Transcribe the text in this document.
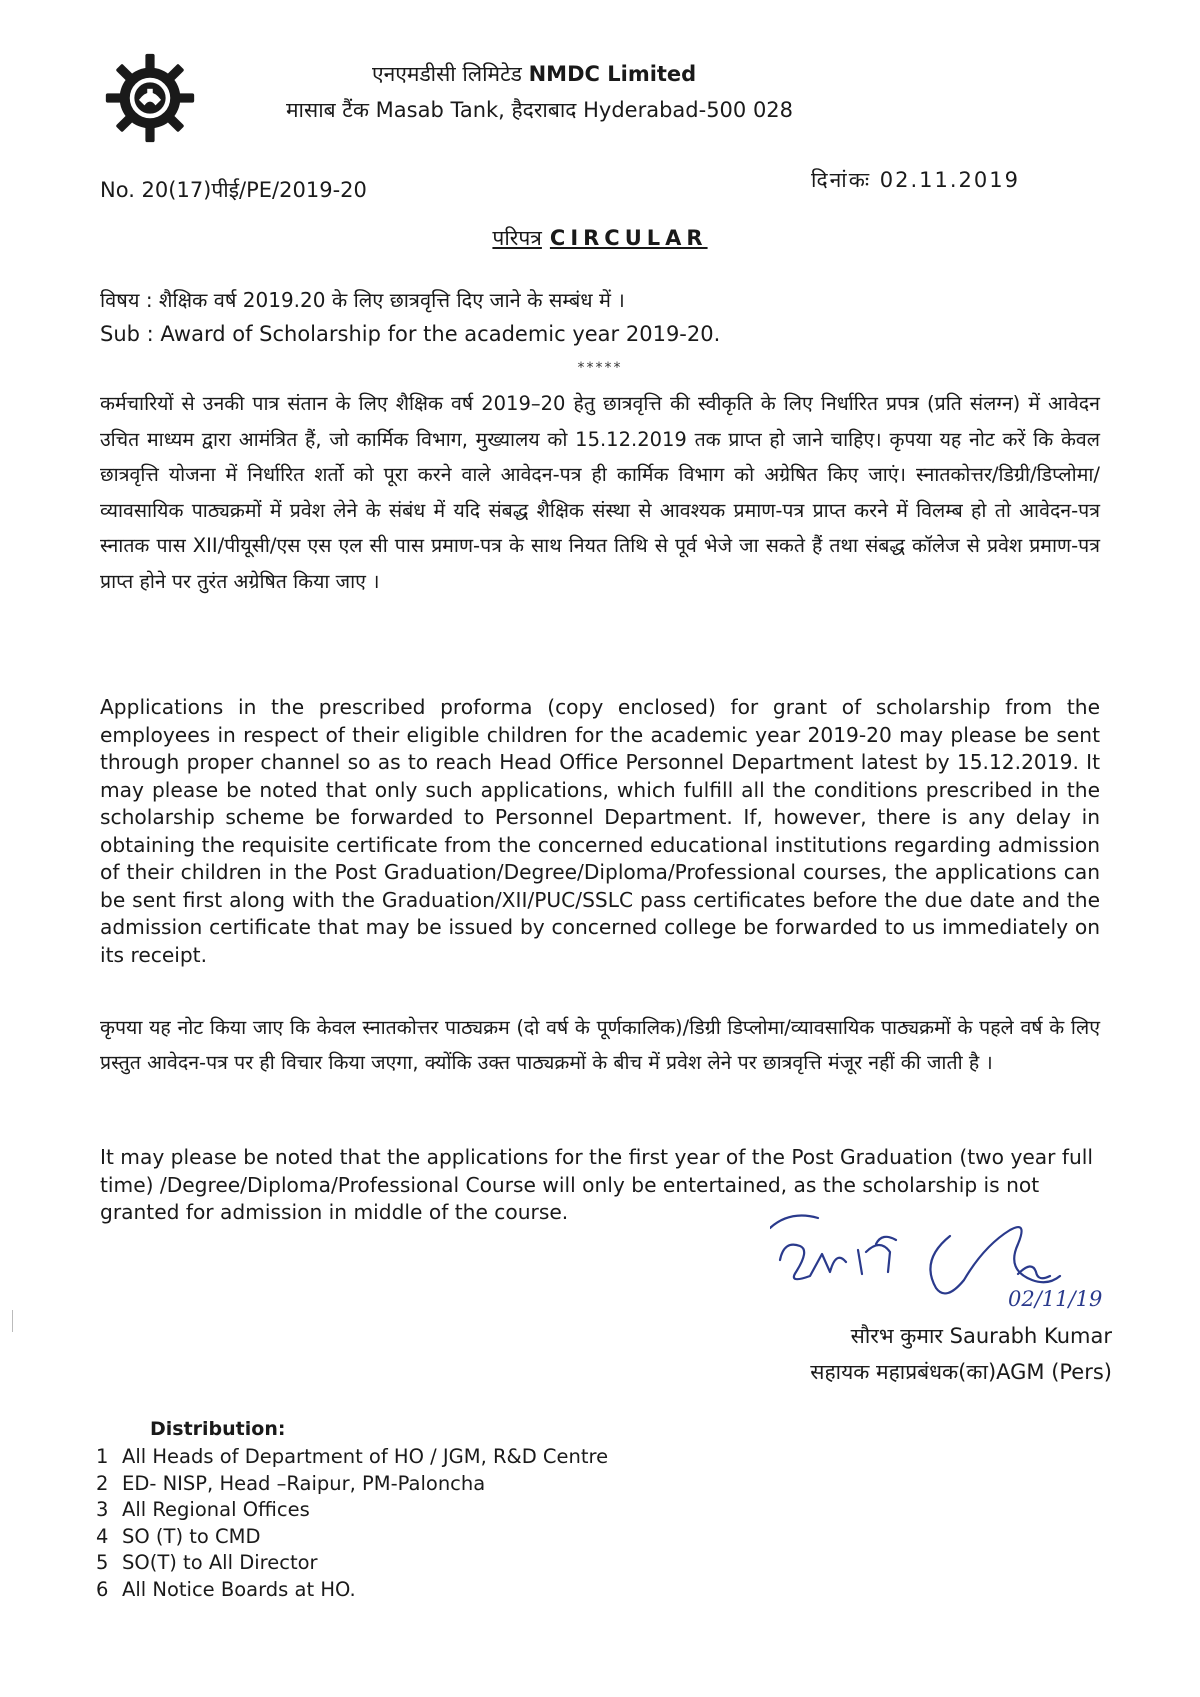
एनएमडीसी लिमिटेड NMDC Limited
मासाब टैंक Masab Tank, हैदराबाद Hyderabad-500 028
No. 20(17)पीई/PE/2019-20	दिनांकः 02.11.2019
परिपत्र CIRCULAR
विषय : शैक्षिक वर्ष 2019.20 के लिए छात्रवृत्ति दिए जाने के सम्बंध में ।
Sub : Award of Scholarship for the academic year 2019-20.
*****
कर्मचारियों से उनकी पात्र संतान के लिए शैक्षिक वर्ष 2019–20 हेतु छात्रवृत्ति की स्वीकृति के लिए निर्धारित प्रपत्र (प्रति संलग्न) में आवेदन उचित माध्यम द्वारा आमंत्रित हैं, जो कार्मिक विभाग, मुख्यालय को 15.12.2019 तक प्राप्त हो जाने चाहिए। कृपया यह नोट करें कि केवल छात्रवृत्ति योजना में निर्धारित शर्तो को पूरा करने वाले आवेदन-पत्र ही कार्मिक विभाग को अग्रेषित किए जाएं। स्नातकोत्तर/डिग्री/डिप्लोमा/व्यावसायिक पाठ्यक्रमों में प्रवेश लेने के संबंध में यदि संबद्ध शैक्षिक संस्था से आवश्यक प्रमाण-पत्र प्राप्त करने में विलम्ब हो तो आवेदन-पत्र स्नातक पास XII/पीयूसी/एस एस एल सी पास प्रमाण-पत्र के साथ नियत तिथि से पूर्व भेजे जा सकते हैं तथा संबद्ध कॉलेज से प्रवेश प्रमाण-पत्र प्राप्त होने पर तुरंत अग्रेषित किया जाए ।
Applications in the prescribed proforma (copy enclosed) for grant of scholarship from the employees in respect of their eligible children for the academic year 2019-20 may please be sent through proper channel so as to reach Head Office Personnel Department latest by 15.12.2019. It may please be noted that only such applications, which fulfill all the conditions prescribed in the scholarship scheme be forwarded to Personnel Department. If, however, there is any delay in obtaining the requisite certificate from the concerned educational institutions regarding admission of their children in the Post Graduation/Degree/Diploma/Professional courses, the applications can be sent first along with the Graduation/XII/PUC/SSLC pass certificates before the due date and the admission certificate that may be issued by concerned college be forwarded to us immediately on its receipt.
कृपया यह नोट किया जाए कि केवल स्नातकोत्तर पाठ्यक्रम (दो वर्ष के पूर्णकालिक)/डिग्री डिप्लोमा/व्यावसायिक पाठ्यक्रमों के पहले वर्ष के लिए प्रस्तुत आवेदन-पत्र पर ही विचार किया जएगा, क्योंकि उक्त पाठ्यक्रमों के बीच में प्रवेश लेने पर छात्रवृत्ति मंजूर नहीं की जाती है ।
It may please be noted that the applications for the first year of the Post Graduation (two year full time) /Degree/Diploma/Professional Course will only be entertained, as the scholarship is not granted for admission in middle of the course.
02/11/19
सौरभ कुमार Saurabh Kumar
सहायक महाप्रबंधक(का)AGM (Pers)
Distribution:
1 All Heads of Department of HO / JGM, R&D Centre
2 ED- NISP, Head –Raipur, PM-Paloncha
3 All Regional Offices
4 SO (T) to CMD
5 SO(T) to All Director
6 All Notice Boards at HO.
